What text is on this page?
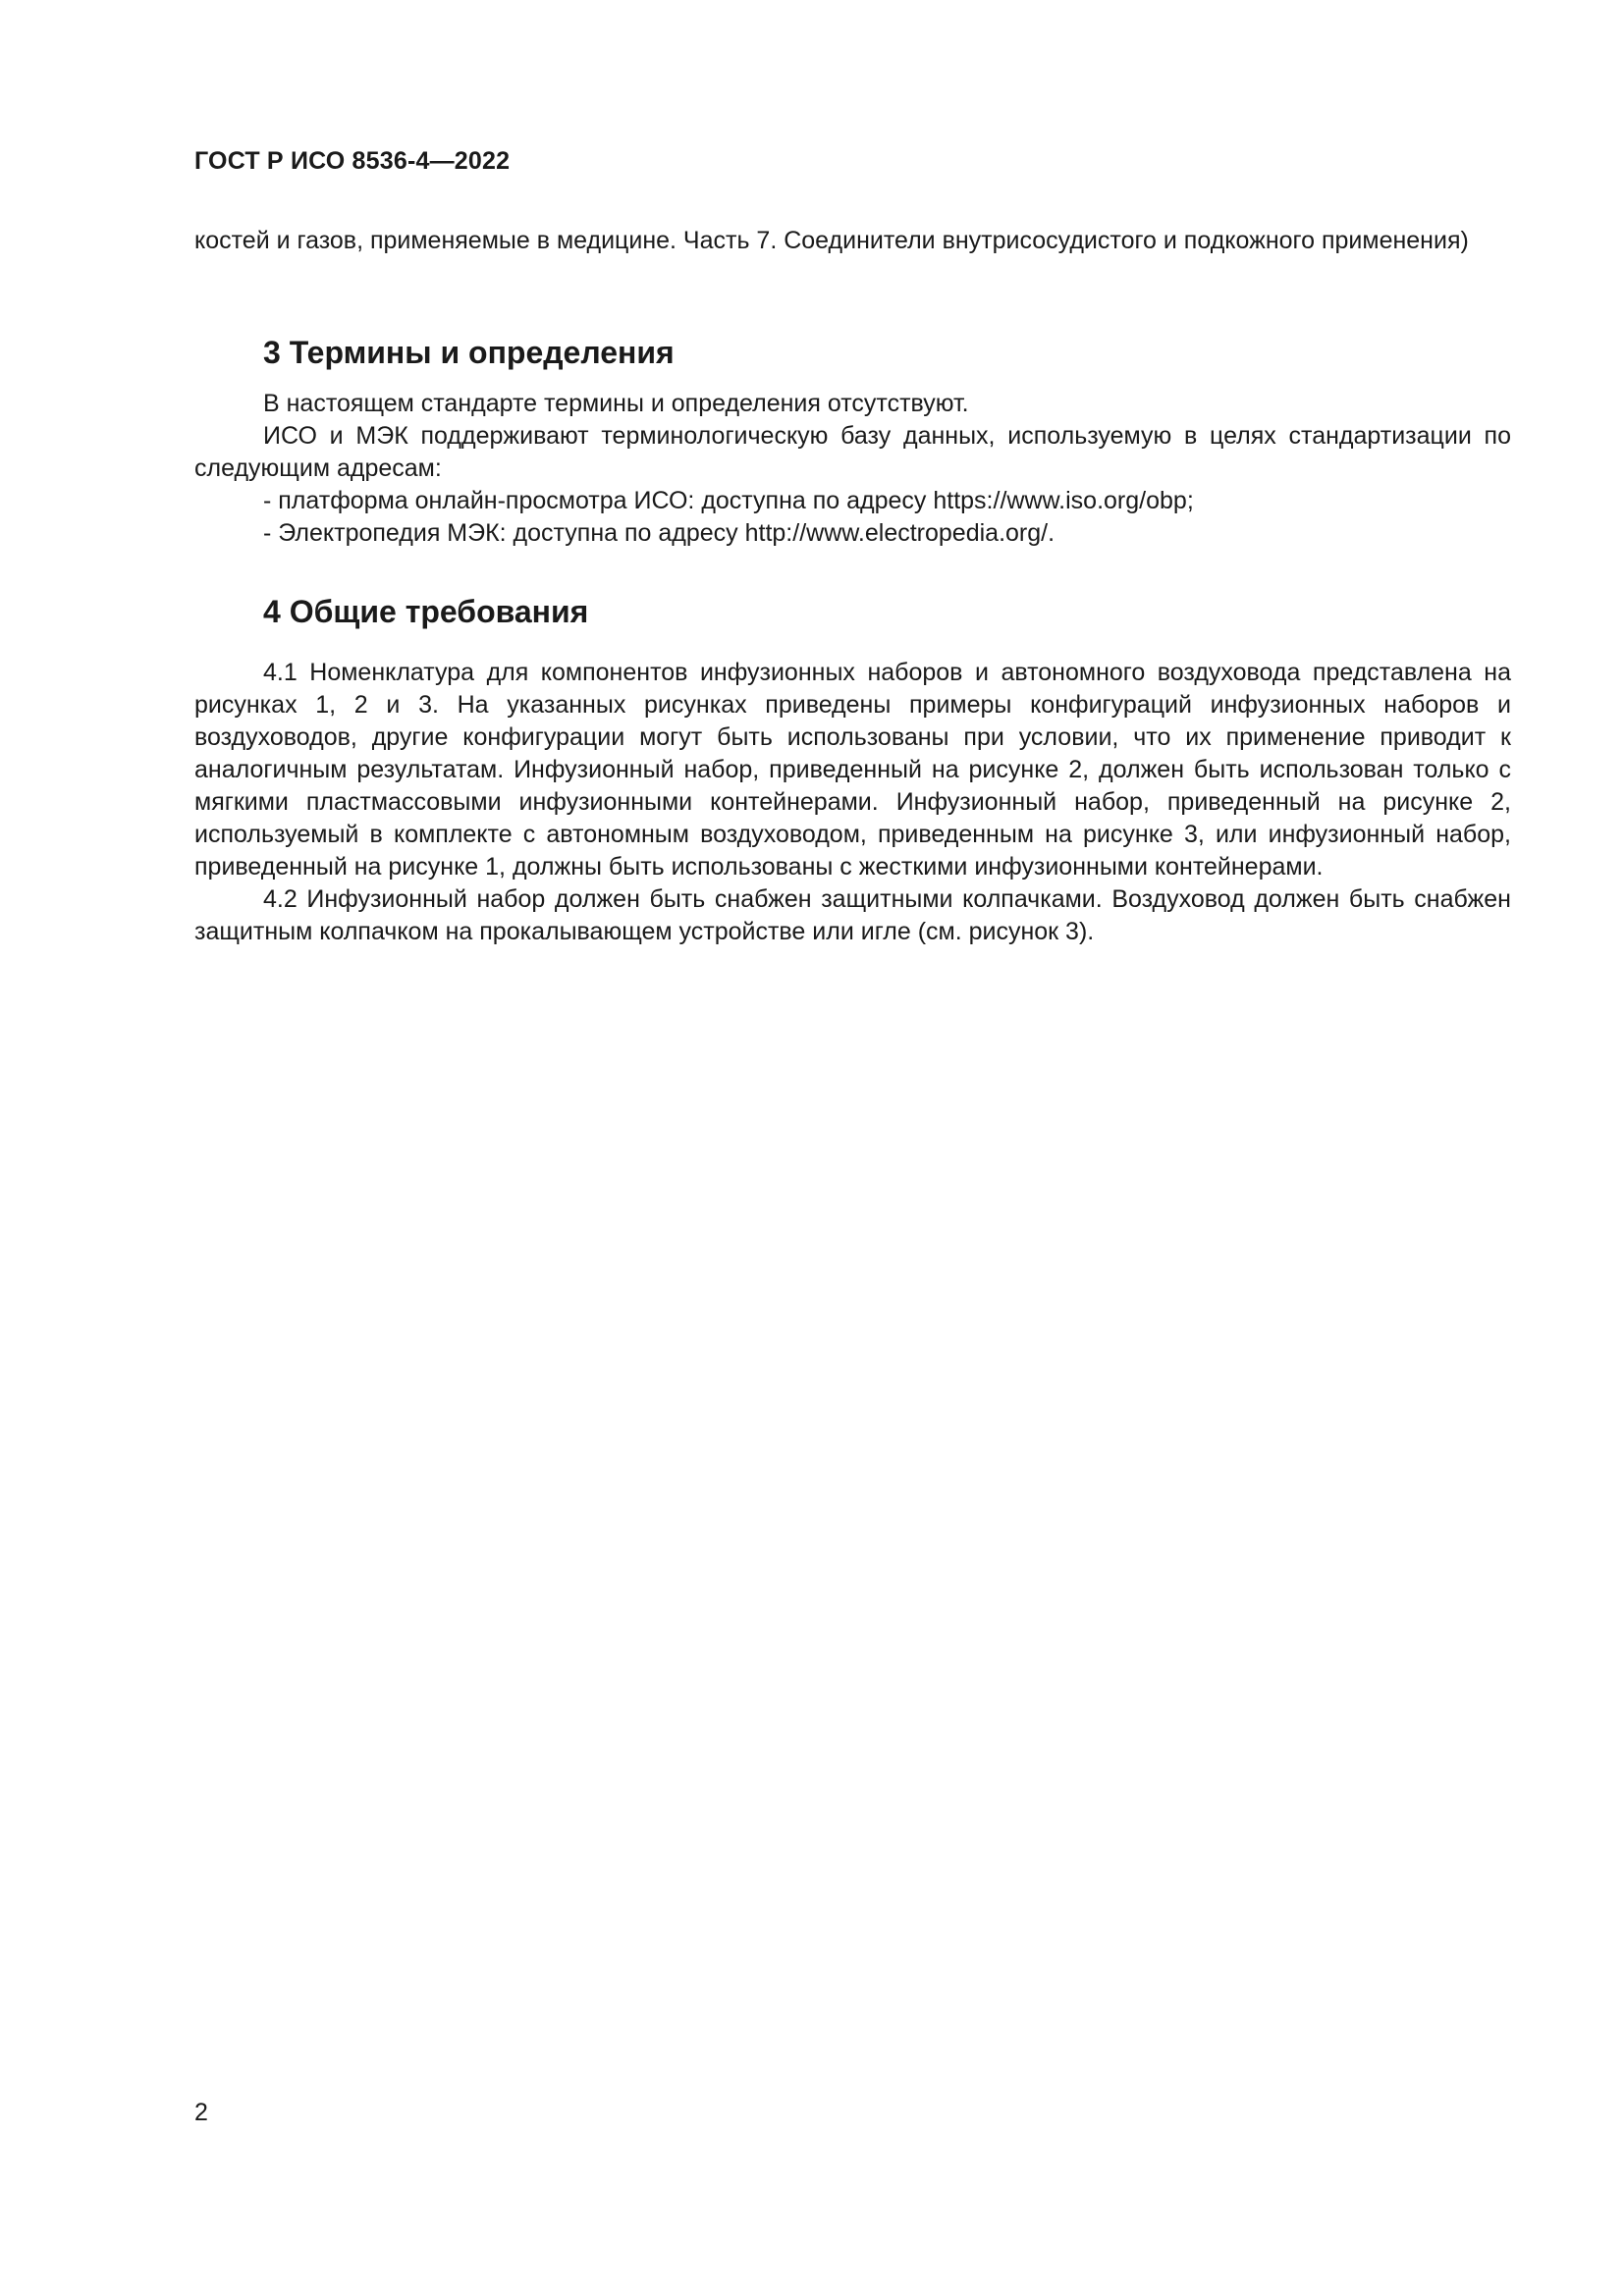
ГОСТ Р ИСО 8536-4—2022

костей и газов, применяемые в медицине. Часть 7. Соединители внутрисосудистого и подкожного применения)

3 Термины и определения

В настоящем стандарте термины и определения отсутствуют.

ИСО и МЭК поддерживают терминологическую базу данных, используемую в целях стандартизации по следующим адресам:

- платформа онлайн-просмотра ИСО: доступна по адресу https://www.iso.org/obp;

- Электропедия МЭК: доступна по адресу http://www.electropedia.org/.

4 Общие требования

4.1 Номенклатура для компонентов инфузионных наборов и автономного воздуховода представлена на рисунках 1, 2 и 3. На указанных рисунках приведены примеры конфигураций инфузионных наборов и воздуховодов, другие конфигурации могут быть использованы при условии, что их применение приводит к аналогичным результатам. Инфузионный набор, приведенный на рисунке 2, должен быть использован только с мягкими пластмассовыми инфузионными контейнерами. Инфузионный набор, приведенный на рисунке 2, используемый в комплекте с автономным воздуховодом, приведенным на рисунке 3, или инфузионный набор, приведенный на рисунке 1, должны быть использованы с жесткими инфузионными контейнерами.

4.2 Инфузионный набор должен быть снабжен защитными колпачками. Воздуховод должен быть снабжен защитным колпачком на прокалывающем устройстве или игле (см. рисунок 3).

2
